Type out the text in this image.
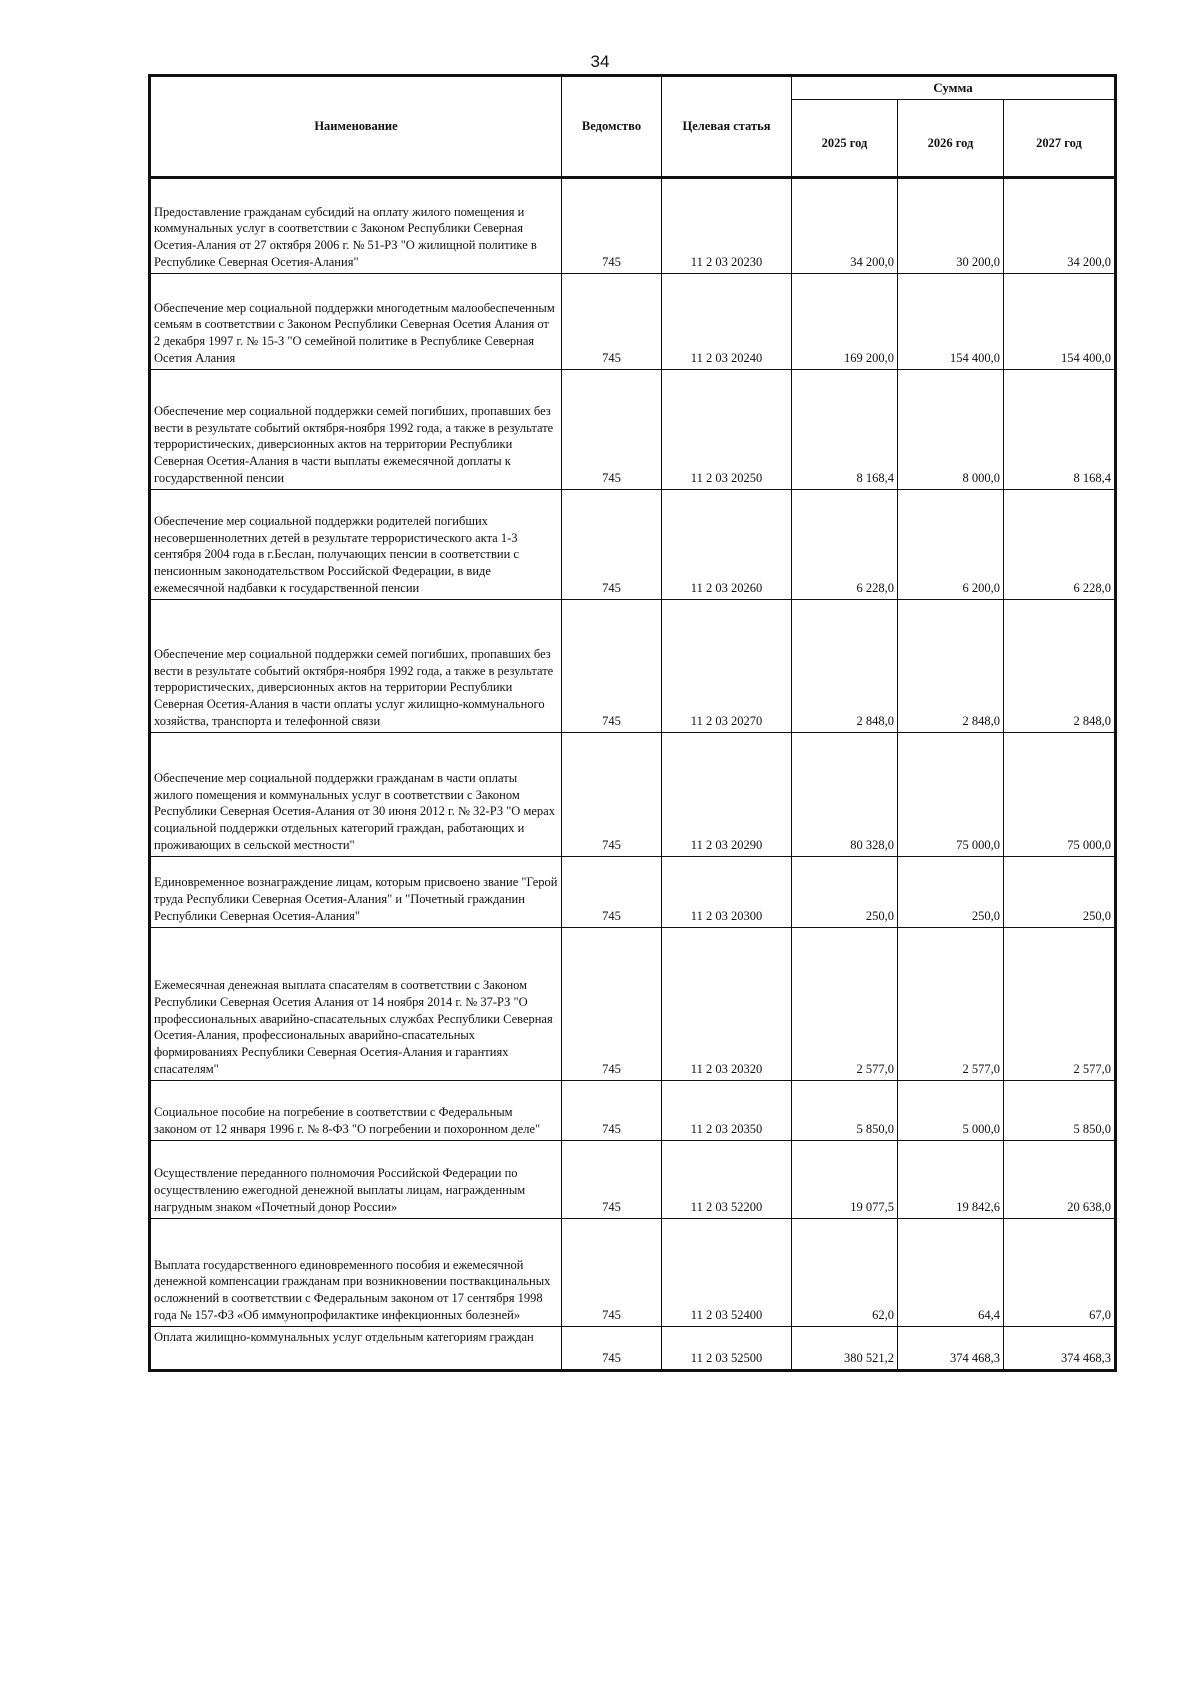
34
Наименование	Ведомство	Целевая статья	Сумма		
			2025 год	2026 год	2027 год
Предоставление гражданам субсидий на оплату жилого помещения и коммунальных услуг в соответствии с Законом Республики Северная Осетия-Алания от 27 октября 2006 г. № 51-РЗ "О жилищной политике в Республике Северная Осетия-Алания"	745	11 2 03 20230	34 200,0	30 200,0	34 200,0
Обеспечение мер социальной поддержки многодетным малообеспеченным семьям в соответствии с Законом Республики Северная Осетия Алания от 2 декабря 1997 г. № 15-З "О семейной политике в Республике Северная Осетия Алания	745	11 2 03 20240	169 200,0	154 400,0	154 400,0
Обеспечение мер социальной поддержки семей погибших, пропавших без вести в результате событий октября-ноября 1992 года, а также в результате террористических, диверсионных актов на территории Республики Северная Осетия-Алания в части выплаты ежемесячной доплаты к государственной пенсии	745	11 2 03 20250	8 168,4	8 000,0	8 168,4
Обеспечение мер социальной поддержки родителей погибших несовершеннолетних детей в результате террористического акта 1-3 сентября 2004 года в г.Беслан, получающих пенсии в соответствии с пенсионным законодательством Российской Федерации, в виде ежемесячной надбавки к государственной пенсии	745	11 2 03 20260	6 228,0	6 200,0	6 228,0
Обеспечение мер социальной поддержки семей погибших, пропавших без вести в результате событий октября-ноября 1992 года, а также в результате террористических, диверсионных актов на территории Республики Северная Осетия-Алания в части оплаты услуг жилищно-коммунального хозяйства, транспорта и телефонной связи	745	11 2 03 20270	2 848,0	2 848,0	2 848,0
Обеспечение мер социальной поддержки гражданам в части оплаты жилого помещения и коммунальных услуг в соответствии с Законом Республики Северная Осетия-Алания от 30 июня 2012 г. № 32-РЗ "О мерах социальной поддержки отдельных категорий граждан, работающих и проживающих в сельской местности"	745	11 2 03 20290	80 328,0	75 000,0	75 000,0
Единовременное вознаграждение лицам, которым присвоено звание "Герой труда Республики Северная Осетия-Алания" и "Почетный гражданин Республики Северная Осетия-Алания"	745	11 2 03 20300	250,0	250,0	250,0
Ежемесячная денежная выплата спасателям в соответствии с Законом Республики Северная Осетия Алания от 14 ноября 2014 г. № 37-РЗ "О профессиональных аварийно-спасательных службах Республики Северная Осетия-Алания, профессиональных аварийно-спасательных формированиях Республики Северная Осетия-Алания и гарантиях спасателям"	745	11 2 03 20320	2 577,0	2 577,0	2 577,0
Социальное пособие на погребение в соответствии с Федеральным законом от 12 января 1996 г. № 8-ФЗ "О погребении и похоронном деле"	745	11 2 03 20350	5 850,0	5 000,0	5 850,0
Осуществление переданного полномочия Российской Федерации по осуществлению ежегодной денежной выплаты лицам, награжденным нагрудным знаком «Почетный донор России»	745	11 2 03 52200	19 077,5	19 842,6	20 638,0
Выплата государственного единовременного пособия и ежемесячной денежной компенсации гражданам при возникновении поствакцинальных осложнений в соответствии с Федеральным законом от 17 сентября 1998 года № 157-ФЗ «Об иммунопрофилактике инфекционных болезней»	745	11 2 03 52400	62,0	64,4	67,0
Оплата жилищно-коммунальных услуг отдельным категориям граждан	745	11 2 03 52500	380 521,2	374 468,3	374 468,3
